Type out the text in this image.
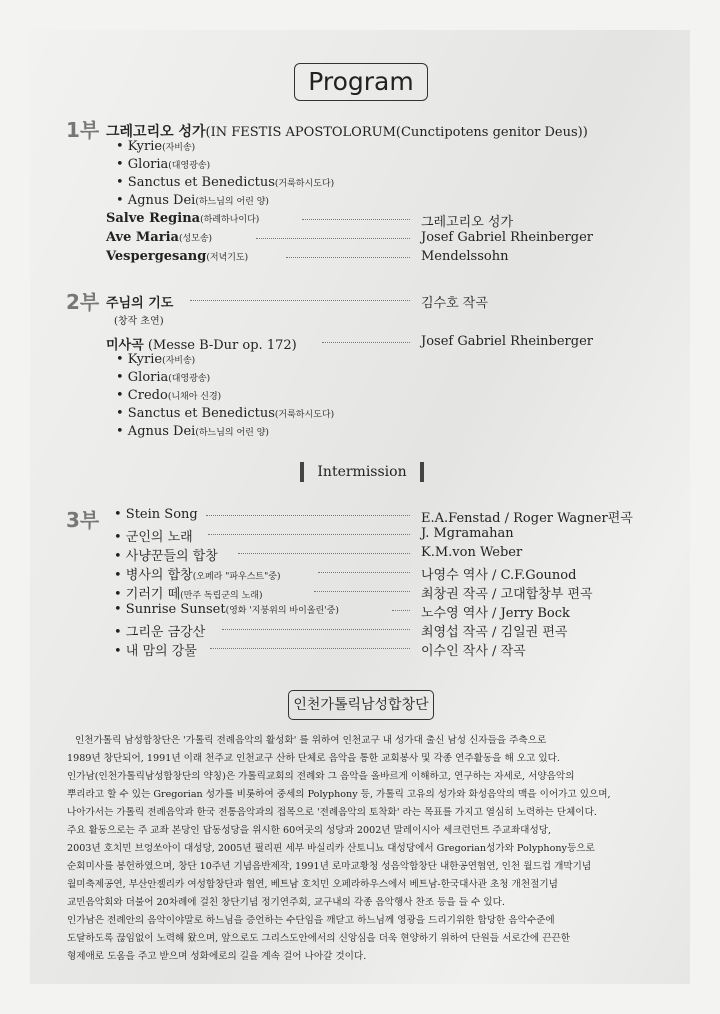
Program
1부 그레고리오 성가(IN FESTIS APOSTOLORUM(Cunctipotens genitor Deus))
• Kyrie(자비송)
• Gloria(대영광송)
• Sanctus et Benedictus(거룩하시도다)
• Agnus Dei(하느님의 어린 양)
Salve Regina(하례하나이다)	그레고리오 성가
Ave Maria(성모송)	Josef Gabriel Rheinberger
Vespergesang(저녁기도)	Mendelssohn
2부 주님의 기도	김수호 작곡
(창작 초연)
미사곡 (Messe B-Dur op. 172)	Josef Gabriel Rheinberger
• Kyrie(자비송)
• Gloria(대영광송)
• Credo(니채아 신경)
• Sanctus et Benedictus(거룩하시도다)
• Agnus Dei(하느님의 어린 양)
Intermission
3부 • Stein Song	E.A.Fenstad / Roger Wagner편곡
• 군인의 노래	J. Mgramahan
• 사냥꾼들의 합창	K.M.von Weber
• 병사의 합창(오페라 "파우스트"중)	나영수 역사 / C.F.Gounod
• 기러기 떼(만주 독립군의 노래)	최창권 작곡 / 고대합창부 편곡
• Sunrise Sunset(영화 '지붕위의 바이올린'중)	노수영 역사 / Jerry Bock
• 그리운 금강산	최영섭 작곡 / 김일권 편곡
• 내 맘의 강물	이수인 작사 / 작곡
인천가톨릭남성합창단

인천가톨릭 남성합창단은 '가톨릭 전례음악의 활성화' 를 위하여 인천교구 내 성가대 출신 남성 신자들을 주축으로

1989년 창단되어, 1991년 이래 천주교 인천교구 산하 단체로 음악을 통한 교회봉사 및 각종 연주활동을 해 오고 있다.

인가남(인천가톨릭남성합창단의 약칭)은 가톨릭교회의 전례와 그 음악을 올바르게 이해하고, 연구하는 자세로, 서양음악의

뿌리라고 할 수 있는 Gregorian 성가를 비롯하여 중세의 Polyphony 등, 가톨릭 고유의 성가와 화성음악의 맥을 이어가고 있으며,

나아가서는 가톨릭 전례음악과 한국 전통음악과의 접목으로 '전례음악의 토착화' 라는 목표를 가지고 열심히 노력하는 단체이다.

주요 활동으로는 주 교좌 본당인 답동성당을 위시한 60여곳의 성당과 2002년 말레이시아 세크런던트 주교좌대성당,

2003년 호치민 브엉쏘아이 대성당, 2005년 필리핀 세부 바실리카 산토니뇨 대성당에서 Gregorian성가와 Polyphony등으로

순회미사를 봉헌하였으며, 창단 10주년 기념음반제작, 1991년 로마교황청 성음악합창단 내한공연협연, 인천 월드컵 개막기념

월미축제공연, 부산안젤리카 여성합창단과 협연, 베트남 호치민 오페라하우스에서 베트남-한국대사관 초청 개천절기념

교민음악회와 더불어 20차례에 걸친 창단기념 정기연주회, 교구내의 각종 음악행사 찬조 등을 들 수 있다.

인가남은 전례안의 음악이야말로 하느님을 증언하는 수단임을 깨닫고 하느님께 영광을 드리기위한 합당한 음악수준에

도달하도록 끊임없이 노력해 왔으며, 앞으로도 그리스도안에서의 신앙심을 더욱 현양하기 위하여 단원들 서로간에 끈끈한

형제애로 도움을 주고 받으며 성화에로의 길을 계속 걸어 나아갈 것이다.
